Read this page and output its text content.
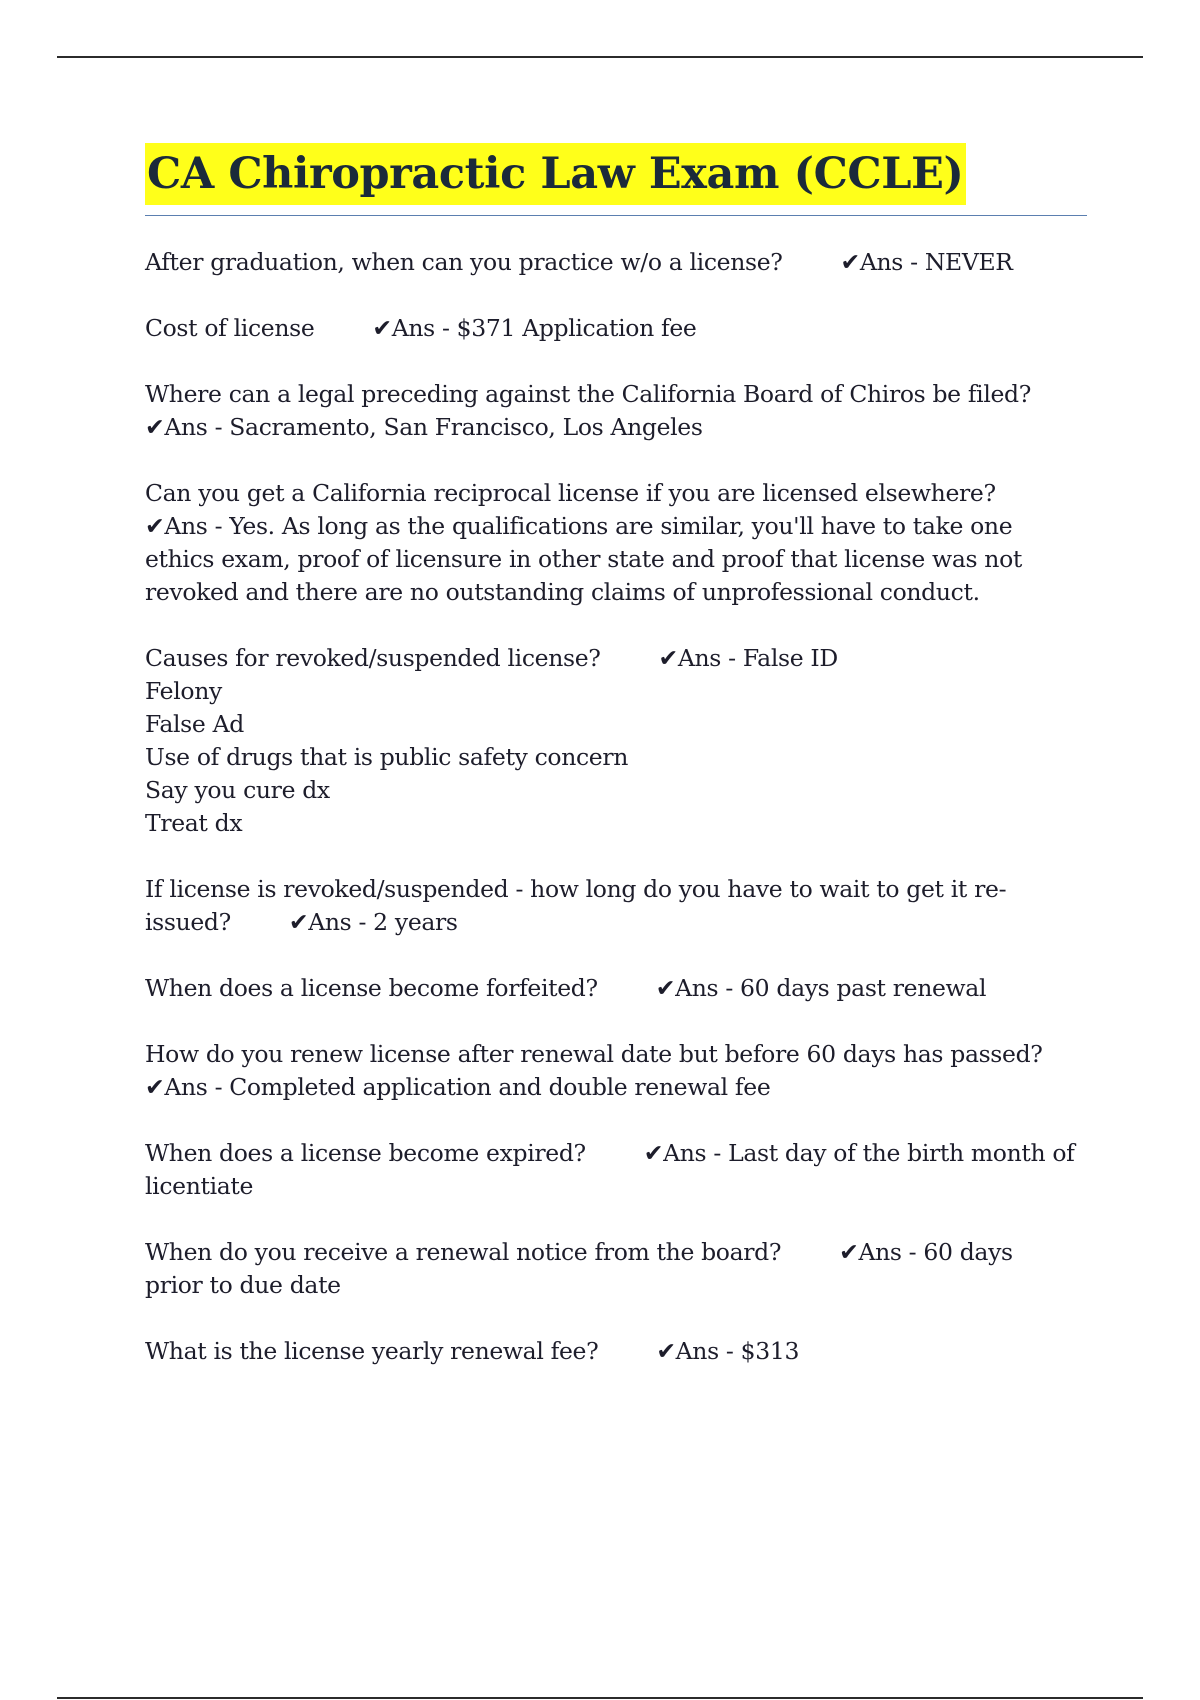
CA Chiropractic Law Exam (CCLE)
After graduation, when can you practice w/o a license? ✔Ans - NEVER
Cost of license ✔Ans - $371 Application fee
Where can a legal preceding against the California Board of Chiros be filed?
✔Ans - Sacramento, San Francisco, Los Angeles
Can you get a California reciprocal license if you are licensed elsewhere?
✔Ans - Yes. As long as the qualifications are similar, you'll have to take one ethics exam, proof of licensure in other state and proof that license was not revoked and there are no outstanding claims of unprofessional conduct.
Causes for revoked/suspended license? ✔Ans - False ID
Felony
False Ad
Use of drugs that is public safety concern
Say you cure dx
Treat dx
If license is revoked/suspended - how long do you have to wait to get it re-issued? ✔Ans - 2 years
When does a license become forfeited? ✔Ans - 60 days past renewal
How do you renew license after renewal date but before 60 days has passed?
✔Ans - Completed application and double renewal fee
When does a license become expired? ✔Ans - Last day of the birth month of licentiate
When do you receive a renewal notice from the board? ✔Ans - 60 days prior to due date
What is the license yearly renewal fee? ✔Ans - $313
